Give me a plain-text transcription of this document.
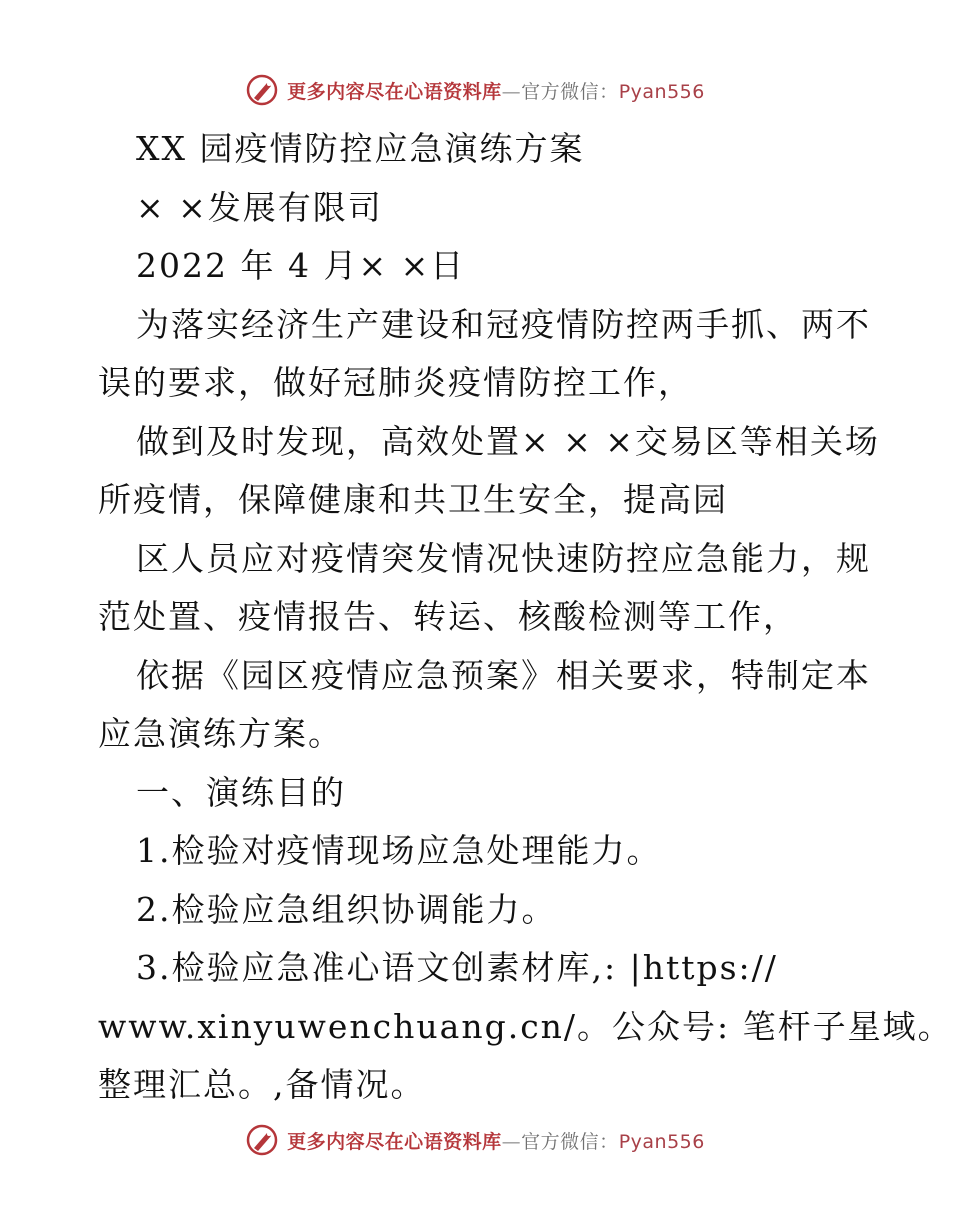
更多内容尽在心语资料库—官方微信：Pyan556
XX 园疫情防控应急演练方案
× ×发展有限司
2022 年 4 月× ×日
为落实经济生产建设和冠疫情防控两手抓、两不
误的要求，做好冠肺炎疫情防控工作，
做到及时发现，高效处置× × ×交易区等相关场
所疫情，保障健康和共卫生安全，提高园
区人员应对疫情突发情况快速防控应急能力，规
范处置、疫情报告、转运、核酸检测等工作，
依据《园区疫情应急预案》相关要求，特制定本
应急演练方案。
一、演练目的
1.检验对疫情现场应急处理能力。
2.检验应急组织协调能力。
3.检验应急准心语文创素材库,: |https://
www.xinyuwenchuang.cn/。公众号: 笔杆子星域。
整理汇总。,备情况。
更多内容尽在心语资料库—官方微信：Pyan556
